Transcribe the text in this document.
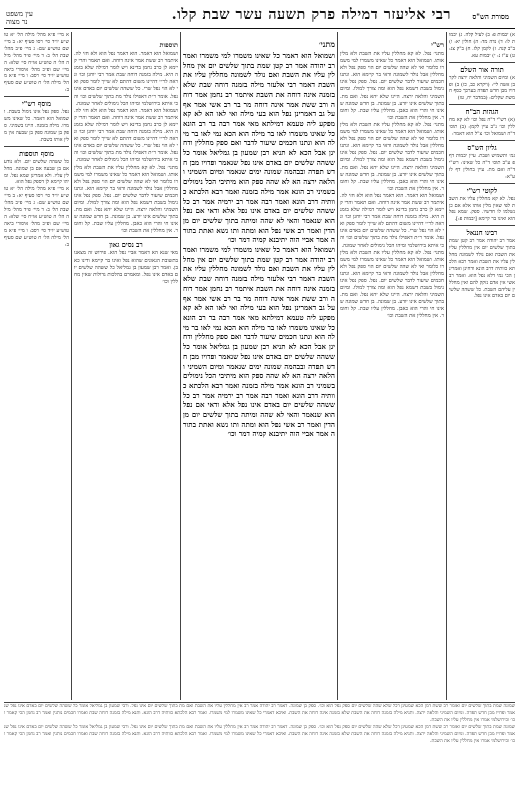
עין משפט
נר מצוה	רבי אליעזר דמילה פרק תשעה עשר שבת קלו.	מסורת הש"ס
א) יבמות פ: ב) לעיל קלה. ג) יבמות לו: ד) נדה מד: ה) חולין יא: ו) ב"ב קנה. ז) לקמן קלז. ח) ב"ק צג: ט) ע"ז נ: י) יבמות עא.
תורה אור השלם
א) ומיום השמיני והלאה ירצה לקרבן אשה ליי: (ויקרא כב, כז) ב) ופדויו מבן חדש תפדה בערכך כסף חמשת שקלים: (במדבר יח, טז)
הגהות הב"ח
(א) רש"י ד"ה נפל וכו׳ לא קא מחללין וכו׳ נ"ב עיין לקמן: (ב) תוס׳ ד"ה ושמואל וכו׳ צ"ל הוא דאמר:
גליון הש"ס
גמ׳ ותשמיש ושבת. עיין יבמות דף פ ע"ב תוס׳ ד"ה כל שאינו: רש"י ד"ה ואם מת. עיין בחולין דף לז ע"א:
לקוטי רש"י
נפל. לא קא מחללין עליו את השבת לפי שאין מלין אותו אלא אם כן נשלמו לו חדשיו. ספק. שמא נפל הוא ואינו בר קיימא [יבמות פ:].
רבינו חננאל
אמר רב יהודה אמר רב קטן שמת בתוך שלשים יום אין מחללין עליו את השבת ואם נולד לשמונה מחללין עליו את השבת ואמר רבא הלכתא כוותיה דרב הונא ודחינן ואמרינן הכי נמי דלא נפל הוא. ואמר רב אשי אין אדם נזקק להם ואין מחללין עליהם השבת. כל ששהה שלשים יום באדם אינו נפל.
רש"י
מתני׳ נפל. לא קא מחללין עליו את השבת ולא מלין אותו. ושמואל הוא דאמר כל שאינו משמרו למי משמרו כלומר ואי לא שהה שלשים יום הוי ספק נפל ולא מחללין אבל נולד לשמונה ודאי בר קיימא הוא. ונתנו חכמים שיעור לדבר שלשים יום. נפל. ספק נפל אינו נימול בשבת דשמא נפל הוא ומה צורך למולו. ומיום השמיני והלאה ירצה. היינו שלא יהא נפל. ואם מת. בתוך שלשים אינו יודע. בן שמונה. בן חדש שמונה שאינו חי והרי הוא כאבן. מחללין עליו שבת. קל וחומר. אין מחללין את השבת וכו׳
מתני׳ נפל. לא קא מחללין עליו את השבת ולא מלין אותו. ושמואל הוא דאמר כל שאינו משמרו למי משמרו כלומר ואי לא שהה שלשים יום הוי ספק נפל ולא מחללין אבל נולד לשמונה ודאי בר קיימא הוא. ונתנו חכמים שיעור לדבר שלשים יום. נפל. ספק נפל אינו נימול בשבת דשמא נפל הוא ומה צורך למולו. ומיום השמיני והלאה ירצה. היינו שלא יהא נפל. ואם מת. בתוך שלשים אינו יודע. בן שמונה. בן חדש שמונה שאינו חי והרי הוא כאבן. מחללין עליו שבת. קל וחומר. אין מחללין את השבת וכו׳
ושמואל הוא דאמר. הוא דאמר נפל הוא ולא חזי לה. איתמר רב ששת אמר אינה דוחה. ואם תאמר והרי קיימא לן כרב נחמן בדינא ויש לומר דמילה שלא בזמנה היא. מילה בזמנה דוחה שבת אמר רבי יוחנן וכו׳ ונראה לר״י דהיינו משום דהתם לא שייך לומר ספק ואי לא הוי נפל שרי. כל ששהה שלשים יום באדם אינו נפל. אומר ר״ת דאפילו נולד מת בתוך שלשים וכו׳ והכי איתא בירושלמי ומיהו הכל נימולים לאחר שמונה.
מתני׳ נפל. לא קא מחללין עליו את השבת ולא מלין אותו. ושמואל הוא דאמר כל שאינו משמרו למי משמרו כלומר ואי לא שהה שלשים יום הוי ספק נפל ולא מחללין אבל נולד לשמונה ודאי בר קיימא הוא. ונתנו חכמים שיעור לדבר שלשים יום. נפל. ספק נפל אינו נימול בשבת דשמא נפל הוא ומה צורך למולו. ומיום השמיני והלאה ירצה. היינו שלא יהא נפל. ואם מת. בתוך שלשים אינו יודע. בן שמונה. בן חדש שמונה שאינו חי והרי הוא כאבן. מחללין עליו שבת. קל וחומר. אין מחללין את השבת וכו׳
מתני׳
ושמואל הוא דאמר כל שאינו משמרו למי משמרו ואמר רב יהודה אמר רב קטן שמת בתוך שלשים יום אין מחללין עליו את השבת ואם נולד לשמונה מחללין עליו את השבת דאמר רבי אלעזר מילה בזמנה דוחה שבת שלא בזמנה אינה דוחה את השבת איתמר רב נחמן אמר דוחה ורב ששת אמר אינה דוחה מר בר רב אשי אמר אף על גב דאמרינן נפל הוא בעי מילה ואי לאו הא לא קא מפקע ליה טעמא דמילתא מאי אמר רבה בר רב הונא כל שאינו משמרו לאו בר מילה הוא הכא נמי לאו בר מילה הוא ונתנו חכמים שיעור לדבר ואם ספק מחללין ודחינן אבל הכא לא תניא רבן שמעון בן גמליאל אומר כל ששהה שלשים יום באדם אינו נפל שנאמר ופדויו מבן חדש תפדה ובבהמה שמונה ימים שנאמר ומיום השמיני והלאה ירצה הא לא שהה ספק הוא מיתיבי הכל נימולים בשמיני רב הונא אמר מילה בזמנה ואמר רבא הלכתא כוותיה דרב הונא ואמר רבה אמר רב ירמיה אמר רב כל ששהה שלשים יום באדם אינו נפל אלא ודאי אם נפל הוא שנאמר והאי לא שהה ומיתה בתוך שלשים יום מן הדין ואמר רב אשי נפל הוא ומתה ותו נשא ואתת בתורה אמר אביי הוה יתיבנא קמיה דמר וכו׳
ושמואל הוא דאמר כל שאינו משמרו למי משמרו ואמר רב יהודה אמר רב קטן שמת בתוך שלשים יום אין מחללין עליו את השבת ואם נולד לשמונה מחללין עליו את השבת דאמר רבי אלעזר מילה בזמנה דוחה שבת שלא בזמנה אינה דוחה את השבת איתמר רב נחמן אמר דוחה ורב ששת אמר אינה דוחה מר בר רב אשי אמר אף על גב דאמרינן נפל הוא בעי מילה ואי לאו הא לא קא מפקע ליה טעמא דמילתא מאי אמר רבה בר רב הונא כל שאינו משמרו לאו בר מילה הוא הכא נמי לאו בר מילה הוא ונתנו חכמים שיעור לדבר ואם ספק מחללין ודחינן אבל הכא לא תניא רבן שמעון בן גמליאל אומר כל ששהה שלשים יום באדם אינו נפל שנאמר ופדויו מבן חדש תפדה ובבהמה שמונה ימים שנאמר ומיום השמיני והלאה ירצה הא לא שהה ספק הוא מיתיבי הכל נימולים בשמיני רב הונא אמר מילה בזמנה ואמר רבא הלכתא כוותיה דרב הונא ואמר רבה אמר רב ירמיה אמר רב כל ששהה שלשים יום באדם אינו נפל אלא ודאי אם נפל הוא שנאמר והאי לא שהה ומיתה בתוך שלשים יום מן הדין ואמר רב אשי נפל הוא ומתה ותו נשא ואתת בתורה אמר אביי הוה יתיבנא קמיה דמר וכו׳
תוספות
ושמואל הוא דאמר. הוא דאמר נפל הוא ולא חזי לה. איתמר רב ששת אמר אינה דוחה. ואם תאמר והרי קיימא לן כרב נחמן בדינא ויש לומר דמילה שלא בזמנה היא. מילה בזמנה דוחה שבת אמר רבי יוחנן וכו׳ ונראה לר״י דהיינו משום דהתם לא שייך לומר ספק ואי לא הוי נפל שרי. כל ששהה שלשים יום באדם אינו נפל. אומר ר״ת דאפילו נולד מת בתוך שלשים וכו׳ והכי איתא בירושלמי ומיהו הכל נימולים לאחר שמונה.
ושמואל הוא דאמר. הוא דאמר נפל הוא ולא חזי לה. איתמר רב ששת אמר אינה דוחה. ואם תאמר והרי קיימא לן כרב נחמן בדינא ויש לומר דמילה שלא בזמנה היא. מילה בזמנה דוחה שבת אמר רבי יוחנן וכו׳ ונראה לר״י דהיינו משום דהתם לא שייך לומר ספק ואי לא הוי נפל שרי. כל ששהה שלשים יום באדם אינו נפל. אומר ר״ת דאפילו נולד מת בתוך שלשים וכו׳ והכי איתא בירושלמי ומיהו הכל נימולים לאחר שמונה.
מתני׳ נפל. לא קא מחללין עליו את השבת ולא מלין אותו. ושמואל הוא דאמר כל שאינו משמרו למי משמרו כלומר ואי לא שהה שלשים יום הוי ספק נפל ולא מחללין אבל נולד לשמונה ודאי בר קיימא הוא. ונתנו חכמים שיעור לדבר שלשים יום. נפל. ספק נפל אינו נימול בשבת דשמא נפל הוא ומה צורך למולו. ומיום השמיני והלאה ירצה. היינו שלא יהא נפל. ואם מת. בתוך שלשים אינו יודע. בן שמונה. בן חדש שמונה שאינו חי והרי הוא כאבן. מחללין עליו שבת. קל וחומר. אין מחללין את השבת וכו׳
רב נסים גאון
מאי שנא הא דאמר אביי נפל הוא. פירוש זה מצאנו בתשובת הגאונים שהוא נפל ואינו בר קיימא ודינו כאבן. ואמר רבן שמעון בן גמליאל כל ששהה שלשים יום באדם אינו נפל. ומאמרם בהלכות גדולות שאין מחללין וכו׳
א מיי׳ פ״א מהל׳ מילה הל׳ יא טוש״ע יו״ד סי׳ רסו סעיף יא: ב מיי׳ שם טוש״ע שם: ג מיי׳ פ״ב מהל׳ שבת הל׳ ב: ד מיי׳ פ״ד מהל׳ מילה הל׳ ה טוש״ע או״ח סי׳ שלא: ה מיי׳ שם ופ״כ מהל׳ איסורי ביאה טוש״ע יו״ד סי׳ רסב: ו מיי׳ פ״א מהל׳ מילה הל׳ ח טוש״ע שם סעיף ב:
מוסף רש"י
נפל. ספק נפל אינו נימול בשבת. ושמואל הוא דאמר. כל שאינו משמרו. מילה בזמנה. היינו בשמיני. ספק בן שמונה ספק בן שבעה אין מלין אותו בשבת.
מוסף תוספות
כל ששהה שלשים יום. ולא נודע אם בן שבעה אם בן שמונה. מחללין עליו. ולא אמרינן שמא נפל. ומיהו קיימא לן דספק נפל הוא.
א מיי׳ פ״א מהל׳ מילה הל׳ יא טוש״ע יו״ד סי׳ רסו סעיף יא: ב מיי׳ שם טוש״ע שם: ג מיי׳ פ״ב מהל׳ שבת הל׳ ב: ד מיי׳ פ״ד מהל׳ מילה הל׳ ה טוש״ע או״ח סי׳ שלא: ה מיי׳ שם ופ״כ מהל׳ איסורי ביאה טוש״ע יו״ד סי׳ רסב: ו מיי׳ פ״א מהל׳ מילה הל׳ ח טוש״ע שם סעיף ב:
שמונה שמת בתוך שלשים יום ואומר רב ששת דמן הכא שמעינן דכל שלא שהה שלשים יום ספק נפל הוא וכו׳. ספק בן שמונה. דאמר רב יהודה אמר רב אין מחללין עליו את השבת ואם מת בתוך שלשים יום אינו נפל. ורבי שמעון בן גמליאל אומר כל ששהה שלשים יום באדם אינו נפל שנאמר ופדויו מבן חדש תפדה. ומיום השמיני והלאה ירצה. ותניא מילה בזמנה דוחה את השבת שלא בזמנה אינה דוחה את השבת. ואיכא דאמרי כל שאינו משמרו למי משמרו. ואמר רבא הלכתא כוותיה דרב הונא. ותנא מילה בזמנה דוחה שבת ואמרו חכמים נותנין ואמר רב נחמן הכי קאמר וכו׳ ובירושלמי אמרו אין מחללין עליו את השבת.
שמונה שמת בתוך שלשים יום ואומר רב ששת דמן הכא שמעינן דכל שלא שהה שלשים יום ספק נפל הוא וכו׳. ספק בן שמונה. דאמר רב יהודה אמר רב אין מחללין עליו את השבת ואם מת בתוך שלשים יום אינו נפל. ורבי שמעון בן גמליאל אומר כל ששהה שלשים יום באדם אינו נפל שנאמר ופדויו מבן חדש תפדה. ומיום השמיני והלאה ירצה. ותניא מילה בזמנה דוחה את השבת שלא בזמנה אינה דוחה את השבת. ואיכא דאמרי כל שאינו משמרו למי משמרו. ואמר רבא הלכתא כוותיה דרב הונא. ותנא מילה בזמנה דוחה שבת ואמרו חכמים נותנין ואמר רב נחמן הכי קאמר וכו׳ ובירושלמי אמרו אין מחללין עליו את השבת.
